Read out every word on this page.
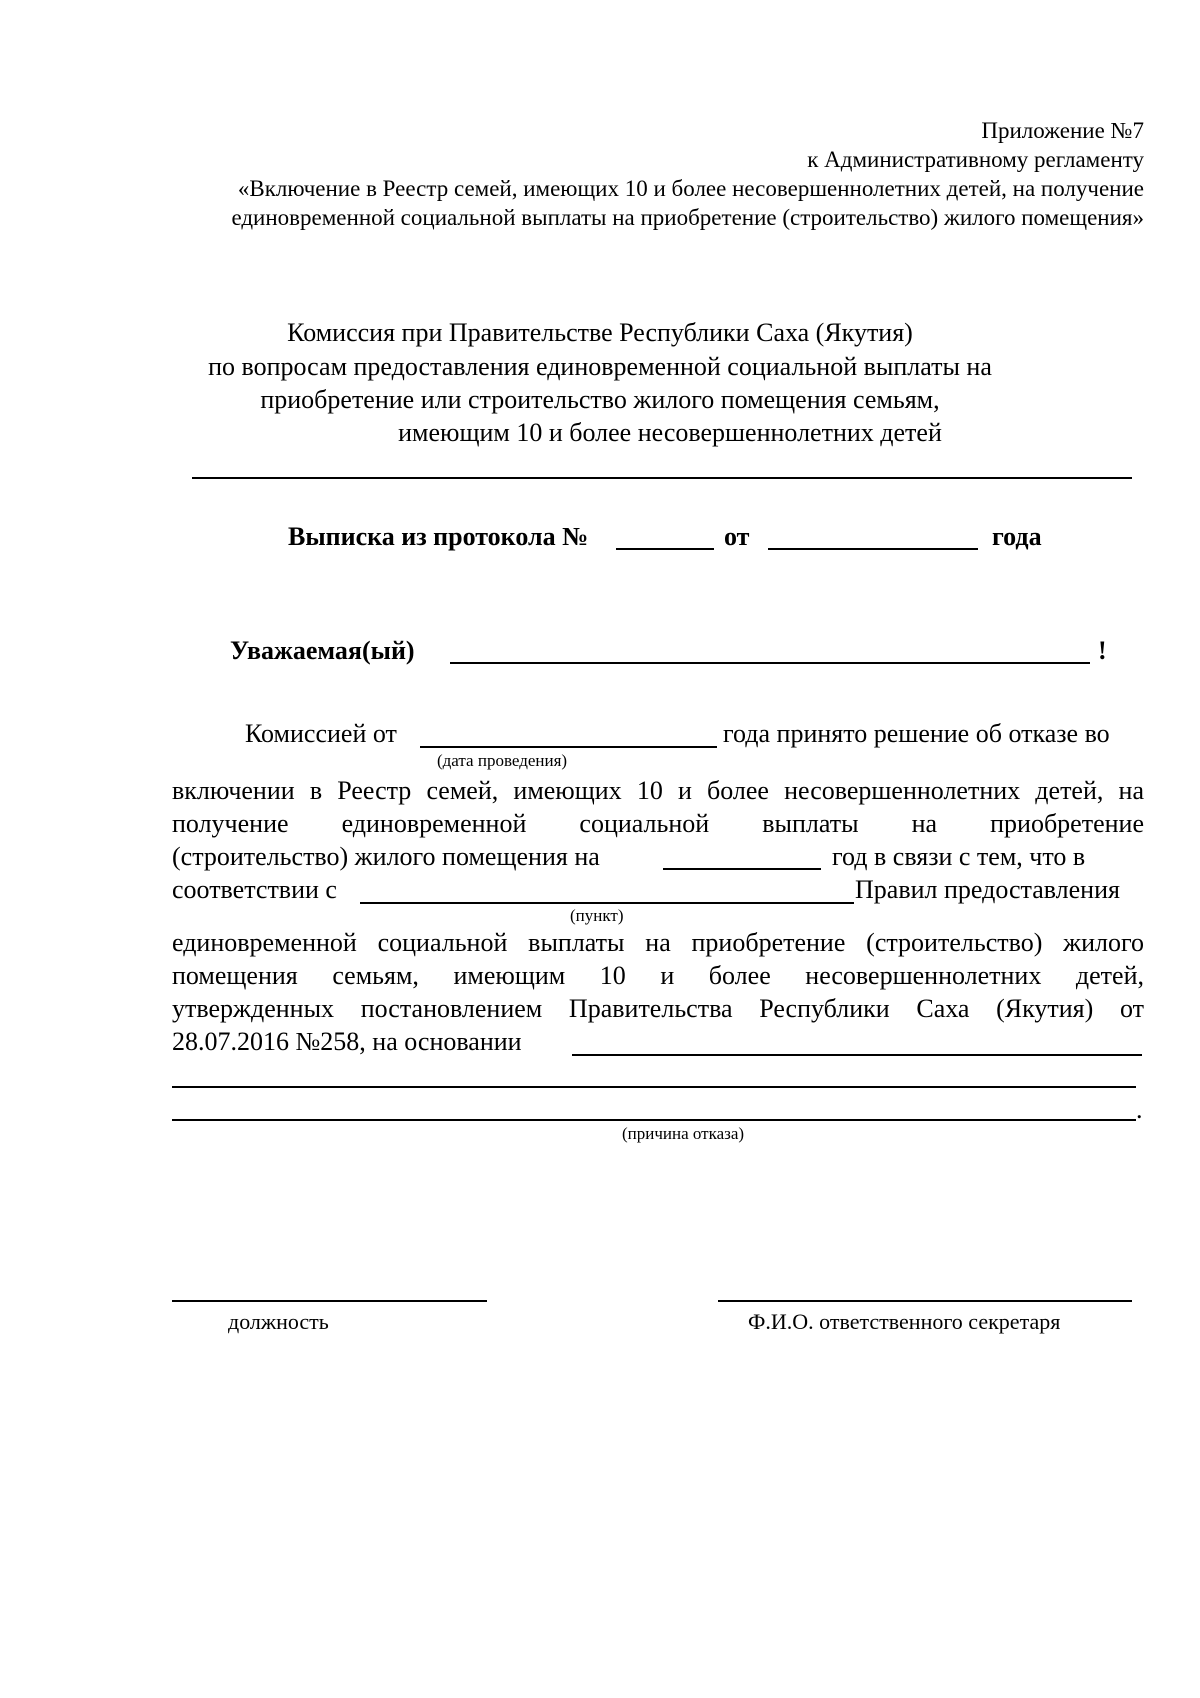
Приложение №7
к Административному регламенту
«Включение в Реестр семей, имеющих 10 и более несовершеннолетних детей, на получение
единовременной социальной выплаты на приобретение (строительство) жилого помещения»
Комиссия при Правительстве Республики Саха (Якутия)
по вопросам предоставления единовременной социальной выплаты на
приобретение или строительство жилого помещения семьям,
имеющим 10 и более несовершеннолетних детей
Выписка из протокола №	от	года
Уважаемая(ый)	!
Комиссией от	года принято решение об отказе во
(дата проведения)
включении в Реестр семей, имеющих 10 и более несовершеннолетних детей, на
получение единовременной социальной выплаты на приобретение
(строительство) жилого помещения на	год в связи с тем, что в
соответствии с	Правил предоставления
(пункт)
единовременной социальной выплаты на приобретение (строительство) жилого
помещения семьям, имеющим 10 и более несовершеннолетних детей,
утвержденных постановлением Правительства Республики Саха (Якутия) от
28.07.2016 №258, на основании
.
(причина отказа)
должность	Ф.И.О. ответственного секретаря
